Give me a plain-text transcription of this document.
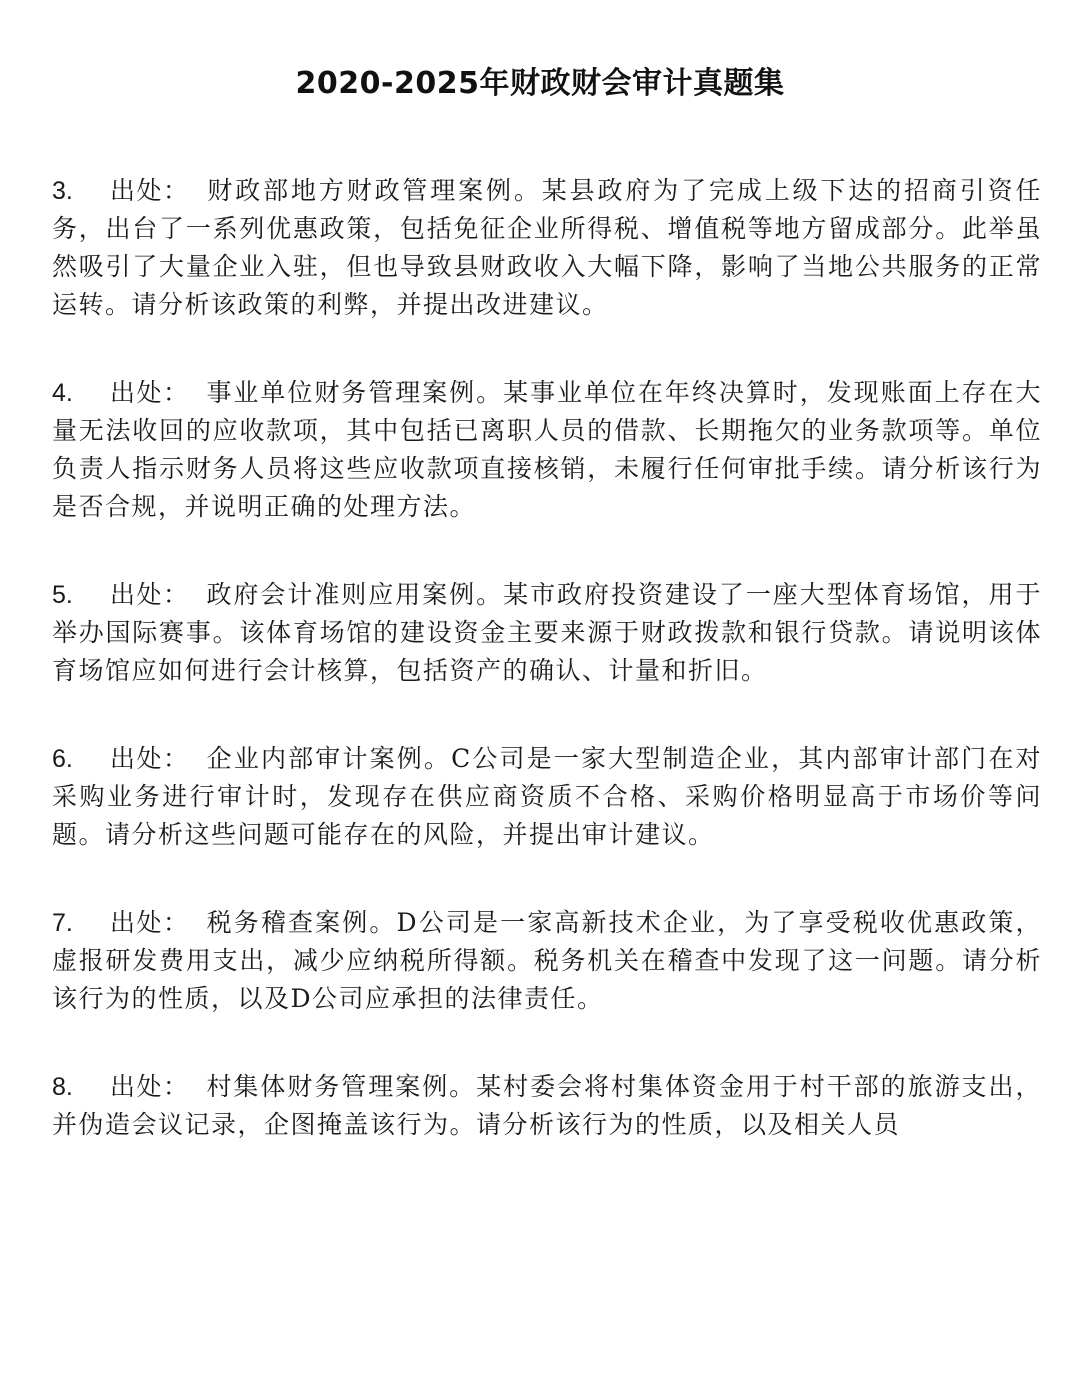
2020-2025年财政财会审计真题集

3. 出处： 财政部地方财政管理案例。某县政府为了完成上级下达的招商引资任务，出台了一系列优惠政策，包括免征企业所得税、增值税等地方留成部分。此举虽然吸引了大量企业入驻，但也导致县财政收入大幅下降，影响了当地公共服务的正常运转。请分析该政策的利弊，并提出改进建议。

4. 出处： 事业单位财务管理案例。某事业单位在年终决算时，发现账面上存在大量无法收回的应收款项，其中包括已离职人员的借款、长期拖欠的业务款项等。单位负责人指示财务人员将这些应收款项直接核销，未履行任何审批手续。请分析该行为是否合规，并说明正确的处理方法。

5. 出处： 政府会计准则应用案例。某市政府投资建设了一座大型体育场馆，用于举办国际赛事。该体育场馆的建设资金主要来源于财政拨款和银行贷款。请说明该体育场馆应如何进行会计核算，包括资产的确认、计量和折旧。

6. 出处： 企业内部审计案例。C公司是一家大型制造企业，其内部审计部门在对采购业务进行审计时，发现存在供应商资质不合格、采购价格明显高于市场价等问题。请分析这些问题可能存在的风险，并提出审计建议。

7. 出处： 税务稽查案例。D公司是一家高新技术企业，为了享受税收优惠政策，虚报研发费用支出，减少应纳税所得额。税务机关在稽查中发现了这一问题。请分析该行为的性质，以及D公司应承担的法律责任。

8. 出处： 村集体财务管理案例。某村委会将村集体资金用于村干部的旅游支出，并伪造会议记录，企图掩盖该行为。请分析该行为的性质，以及相关人员
